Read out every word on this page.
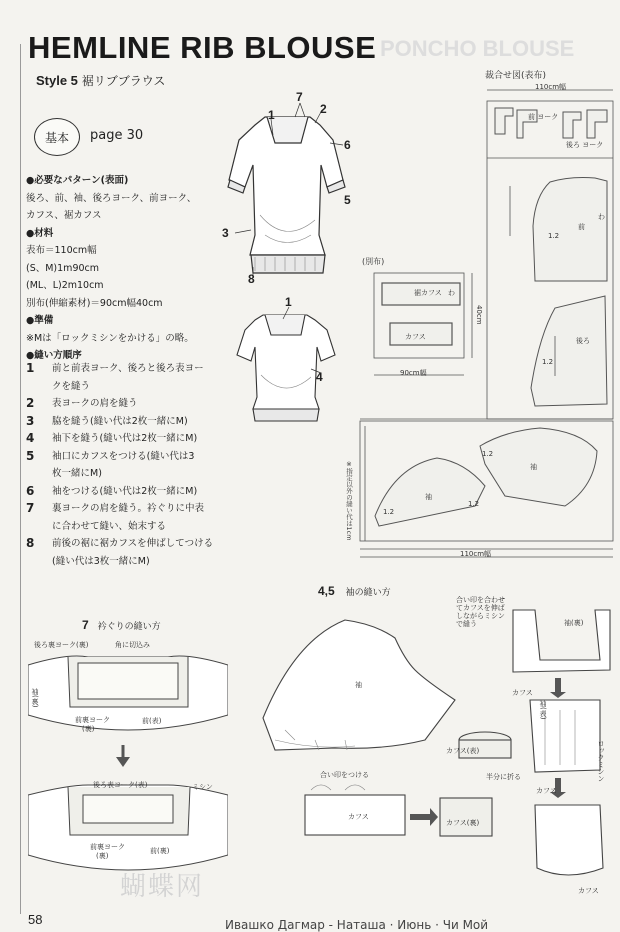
PONCHO BLOUSE
HEMLINE RIB BLOUSE
Style 5 裾リブブラウス
基本	page 30
●必要なパターン(表面)
後ろ、前、袖、後ろヨーク、前ヨーク、
カフス、裾カフス
●材料
表布＝110cm幅
(S、M)1m90cm
(ML、L)2m10cm
別布(伸縮素材)＝90cm幅40cm
●準備
※Mは「ロックミシンをかける」の略。
●縫い方順序
1	前と前表ヨーク、後ろと後ろ表ヨー
クを縫う
2	表ヨークの肩を縫う
3	脇を縫う(縫い代は2枚一緒にM)
4	袖下を縫う(縫い代は2枚一緒にM)
5	袖口にカフスをつける(縫い代は3
枚一緒にM)
6	袖をつける(縫い代は2枚一緒にM)
7	裏ヨークの肩を縫う。衿ぐりに中表
に合わせて縫い、始末する
8	前後の裾に裾カフスを伸ばしてつける
(縫い代は3枚一緒にM)
7
2
1
6
5
3
8
1
4
裁合せ図(表布)
110cm幅
前 ヨーク
後ろ ヨーク
前
1.2
わ
後ろ
1.2
袖
袖
1.2
1.2
1.2
110cm幅
※指定以外の縫い代は1cm
(別布)
裾カフス
カフス
わ
40cm
90cm幅
7 衿ぐりの縫い方
後ろ裏ヨーク(裏)	角に切込み
前裏ヨーク
(裏)
前(表)
袖(裏)
後ろ表ヨーク(表)	ミシン
前裏ヨーク
(裏)
前(裏)
4,5 袖の縫い方
袖
合い印をつける
カフス
カフス(裏)
カフス(表)
半分に折る
合い印を合わせ
てカフスを伸ば
しながらミシン
で縫う	袖(裏)
袖(表)
ロックミシン
カフス
カフス
カフス
蝴蝶网
58	Ивашко Дагмар - Наташа · Июнь · Чи Мой
